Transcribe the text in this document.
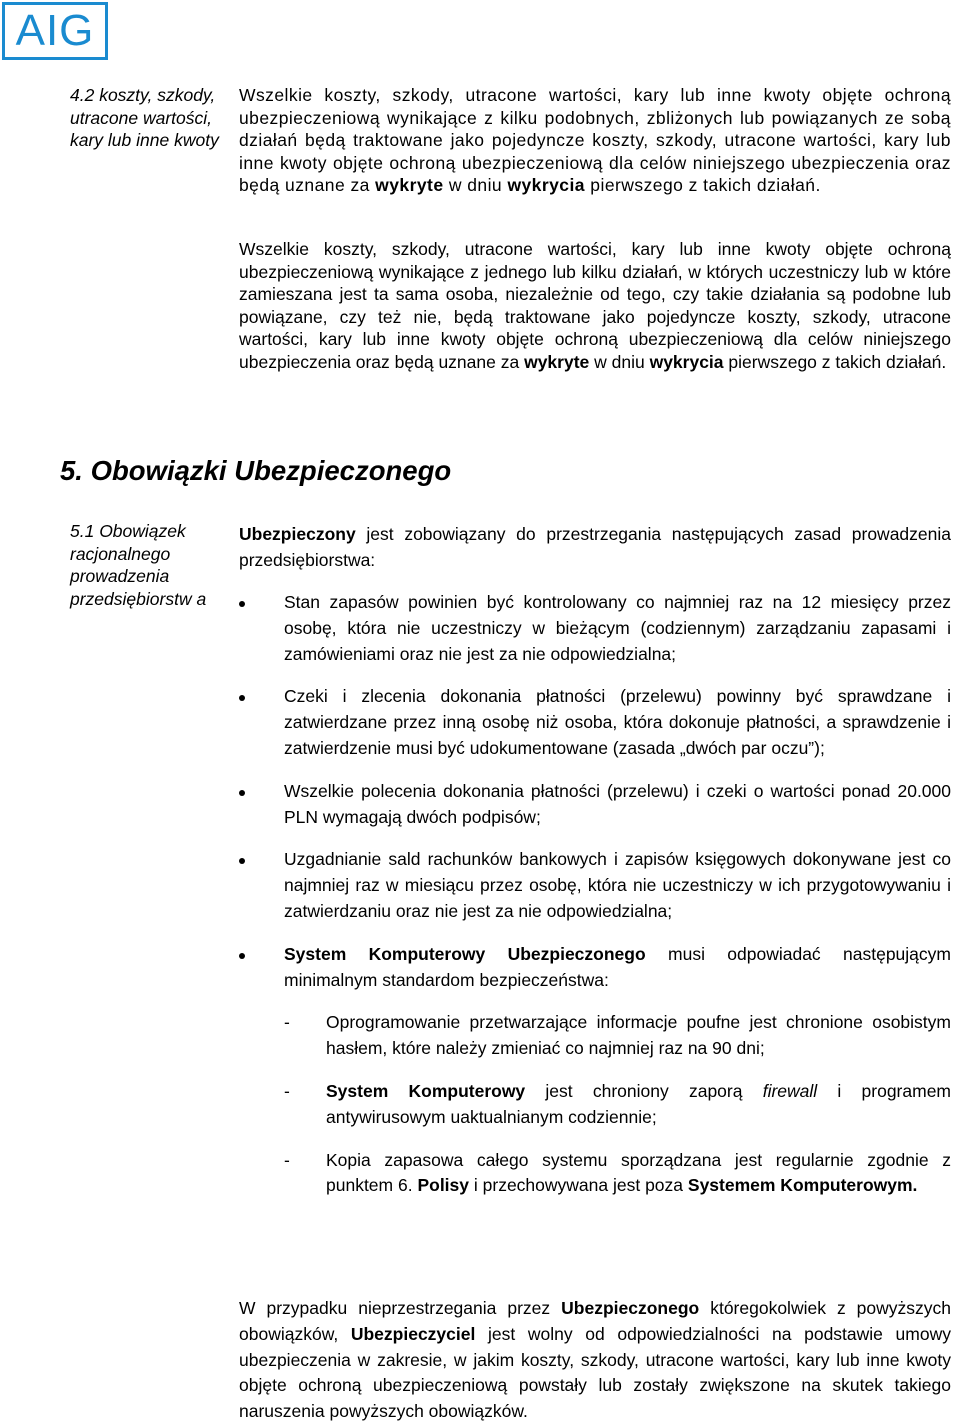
AIG
4.2 koszty, szkody, utracone wartości, kary lub inne kwoty
Wszelkie koszty, szkody, utracone wartości, kary lub inne kwoty objęte ochroną ubezpieczeniową wynikające z kilku podobnych, zbliżonych lub powiązanych ze sobą działań będą traktowane jako pojedyncze koszty, szkody, utracone wartości, kary lub inne kwoty objęte ochroną ubezpieczeniową dla celów niniejszego ubezpieczenia oraz będą uznane za wykryte w dniu wykrycia pierwszego z takich działań.
Wszelkie koszty, szkody, utracone wartości, kary lub inne kwoty objęte ochroną ubezpieczeniową wynikające z jednego lub kilku działań, w których uczestniczy lub w które zamieszana jest ta sama osoba, niezależnie od tego, czy takie działania są podobne lub powiązane, czy też nie, będą traktowane jako pojedyncze koszty, szkody, utracone wartości, kary lub inne kwoty objęte ochroną ubezpieczeniową dla celów niniejszego ubezpieczenia oraz będą uznane za wykryte w dniu wykrycia pierwszego z takich działań.
5. Obowiązki Ubezpieczonego
5.1 Obowiązek racjonalnego prowadzenia przedsiębiorstw a
Ubezpieczony jest zobowiązany do przestrzegania następujących zasad prowadzenia przedsiębiorstwa:
Stan zapasów powinien być kontrolowany co najmniej raz na 12 miesięcy przez osobę, która nie uczestniczy w bieżącym (codziennym) zarządzaniu zapasami i zamówieniami oraz nie jest za nie odpowiedzialna;
Czeki i zlecenia dokonania płatności (przelewu) powinny być sprawdzane i zatwierdzane przez inną osobę niż osoba, która dokonuje płatności, a sprawdzenie i zatwierdzenie musi być udokumentowane (zasada „dwóch par oczu”);
Wszelkie polecenia dokonania płatności (przelewu) i czeki o wartości ponad 20.000 PLN wymagają dwóch podpisów;
Uzgadnianie sald rachunków bankowych i zapisów księgowych dokonywane jest co najmniej raz w miesiącu przez osobę, która nie uczestniczy w ich przygotowywaniu i zatwierdzaniu oraz nie jest za nie odpowiedzialna;
System Komputerowy Ubezpieczonego musi odpowiadać następującym minimalnym standardom bezpieczeństwa:
- Oprogramowanie przetwarzające informacje poufne jest chronione osobistym hasłem, które należy zmieniać co najmniej raz na 90 dni;
- System Komputerowy jest chroniony zaporą firewall i programem antywirusowym uaktualnianym codziennie;
- Kopia zapasowa całego systemu sporządzana jest regularnie zgodnie z punktem 6. Polisy i przechowywana jest poza Systemem Komputerowym.

W przypadku nieprzestrzegania przez Ubezpieczonego któregokolwiek z powyższych obowiązków, Ubezpieczyciel jest wolny od odpowiedzialności na podstawie umowy ubezpieczenia w zakresie, w jakim koszty, szkody, utracone wartości, kary lub inne kwoty objęte ochroną ubezpieczeniową powstały lub zostały zwiększone na skutek takiego naruszenia powyższych obowiązków.
